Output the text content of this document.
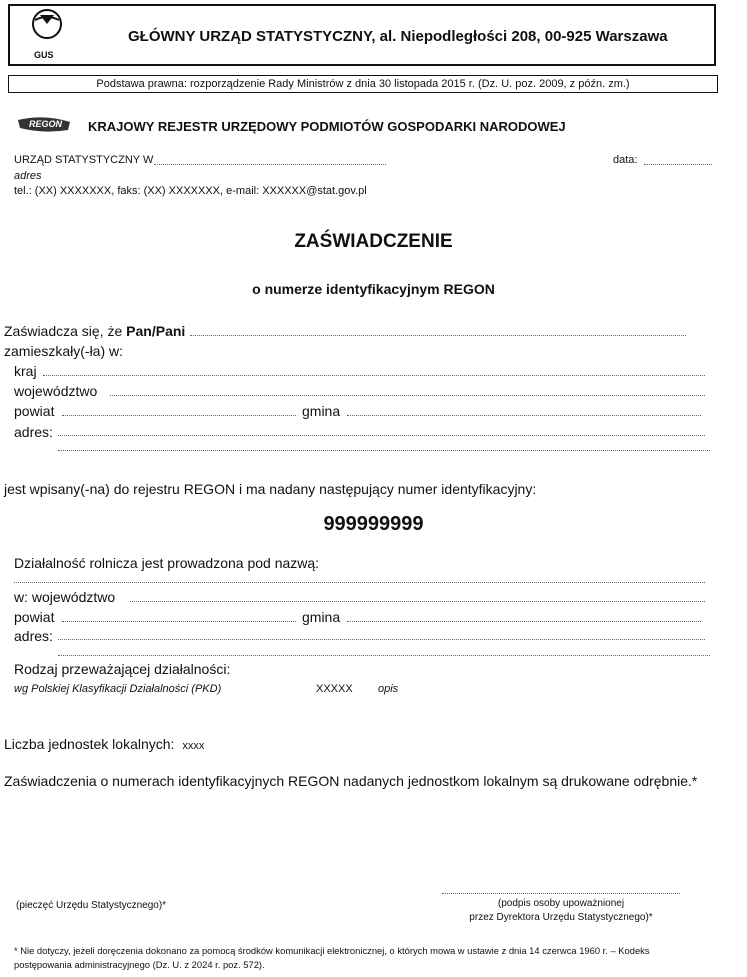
GUS
GŁÓWNY URZĄD STATYSTYCZNY, al. Niepodległości 208, 00-925 Warszawa
Podstawa prawna: rozporządzenie Rady Ministrów z dnia 30 listopada 2015 r. (Dz. U. poz. 2009, z późn. zm.)
REGON KRAJOWY REJESTR URZĘDOWY PODMIOTÓW GOSPODARKI NARODOWEJ
URZĄD STATYSTYCZNY W	data:
adres
tel.: (XX) XXXXXXX, faks: (XX) XXXXXXX, e-mail: XXXXXX@stat.gov.pl
ZAŚWIADCZENIE
o numerze identyfikacyjnym REGON
Zaświadcza się, że Pan/Pani
zamieszkały(-ła) w:
kraj
województwo
powiat	gmina
adres:
jest wpisany(-na) do rejestru REGON i ma nadany następujący numer identyfikacyjny:
999999999
Działalność rolnicza jest prowadzona pod nazwą:
w: województwo
powiat	gmina
adres:
Rodzaj przeważającej działalności:
wg Polskiej Klasyfikacji Działalności (PKD)	XXXXX opis
Liczba jednostek lokalnych: xxxx
Zaświadczenia o numerach identyfikacyjnych REGON nadanych jednostkom lokalnym są drukowane odrębnie.*
(pieczęć Urzędu Statystycznego)*	(podpis osoby upoważnionej
przez Dyrektora Urzędu Statystycznego)*
* Nie dotyczy, jeżeli doręczenia dokonano za pomocą środków komunikacji elektronicznej, o których mowa w ustawie z dnia 14 czerwca 1960 r. – Kodeks
postępowania administracyjnego (Dz. U. z 2024 r. poz. 572).
